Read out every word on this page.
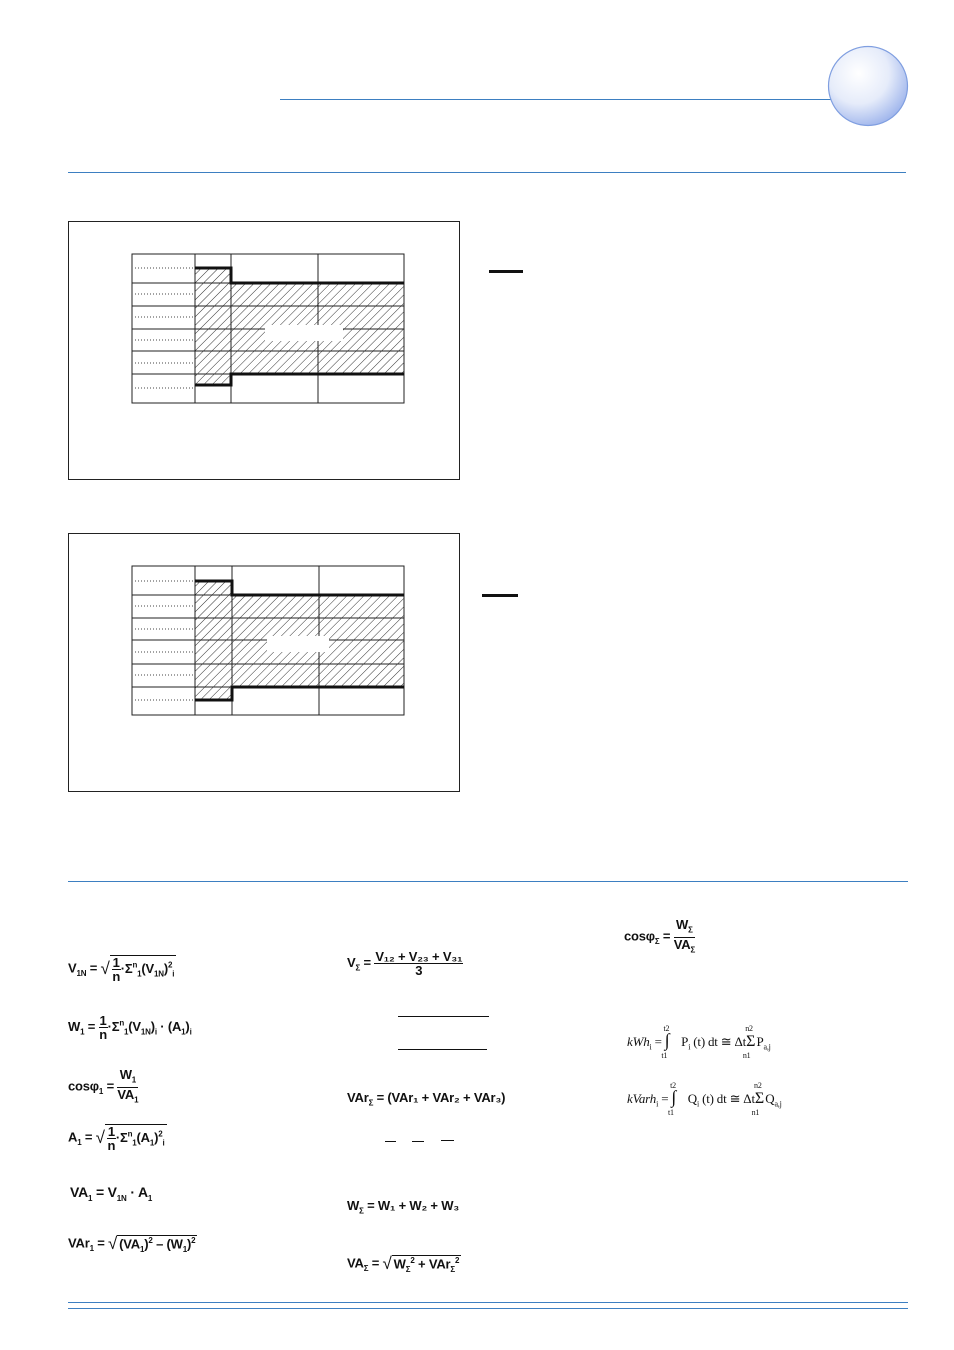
$V_{1N}$ = √ $\frac{1}{n} \cdot\Sigma^n_1(V_{1N})^2_i$
$W_1 = \frac{1}{n} \cdot\Sigma^n_1(V_{1N})_i \cdot (A_1)_i$
$\cos\varphi_1 = \frac{W_1}{VA_1}$
$A_1$ = √ $\frac{1}{n} \cdot\Sigma^n_1(A_1)^2_i$
$VA_1 = V_{1N} \cdot A_1$
VAr$_1$ = √ $(VA_1)^2 - (W_1)^2$
$V_\Sigma = \frac{\text{V₁₂ + V₂₃ + V₃₁}}{3}$
VAr$_\Sigma$ = (VAr₁ + VAr₂ + VAr₃)
$W_\Sigma = W_1 + W_2 + W_3$
$VA_\Sigma$ = √ $W_\Sigma^2 + VAr_\Sigma^2$
$\cos\varphi_\Sigma = \frac{W_\Sigma}{VA_\Sigma}$
$kWh_i = \int^{t2}_{t1}P_i$ (t) dt ≅ $\Delta t\Sigma^{n2}_{n1}P_{a,j}$
kVarh$_i$ = $\int^{t2}_{t1}Q_i$ (t) dt ≅ $\Delta t\Sigma^{n2}_{n1}Q_{a,j}$
